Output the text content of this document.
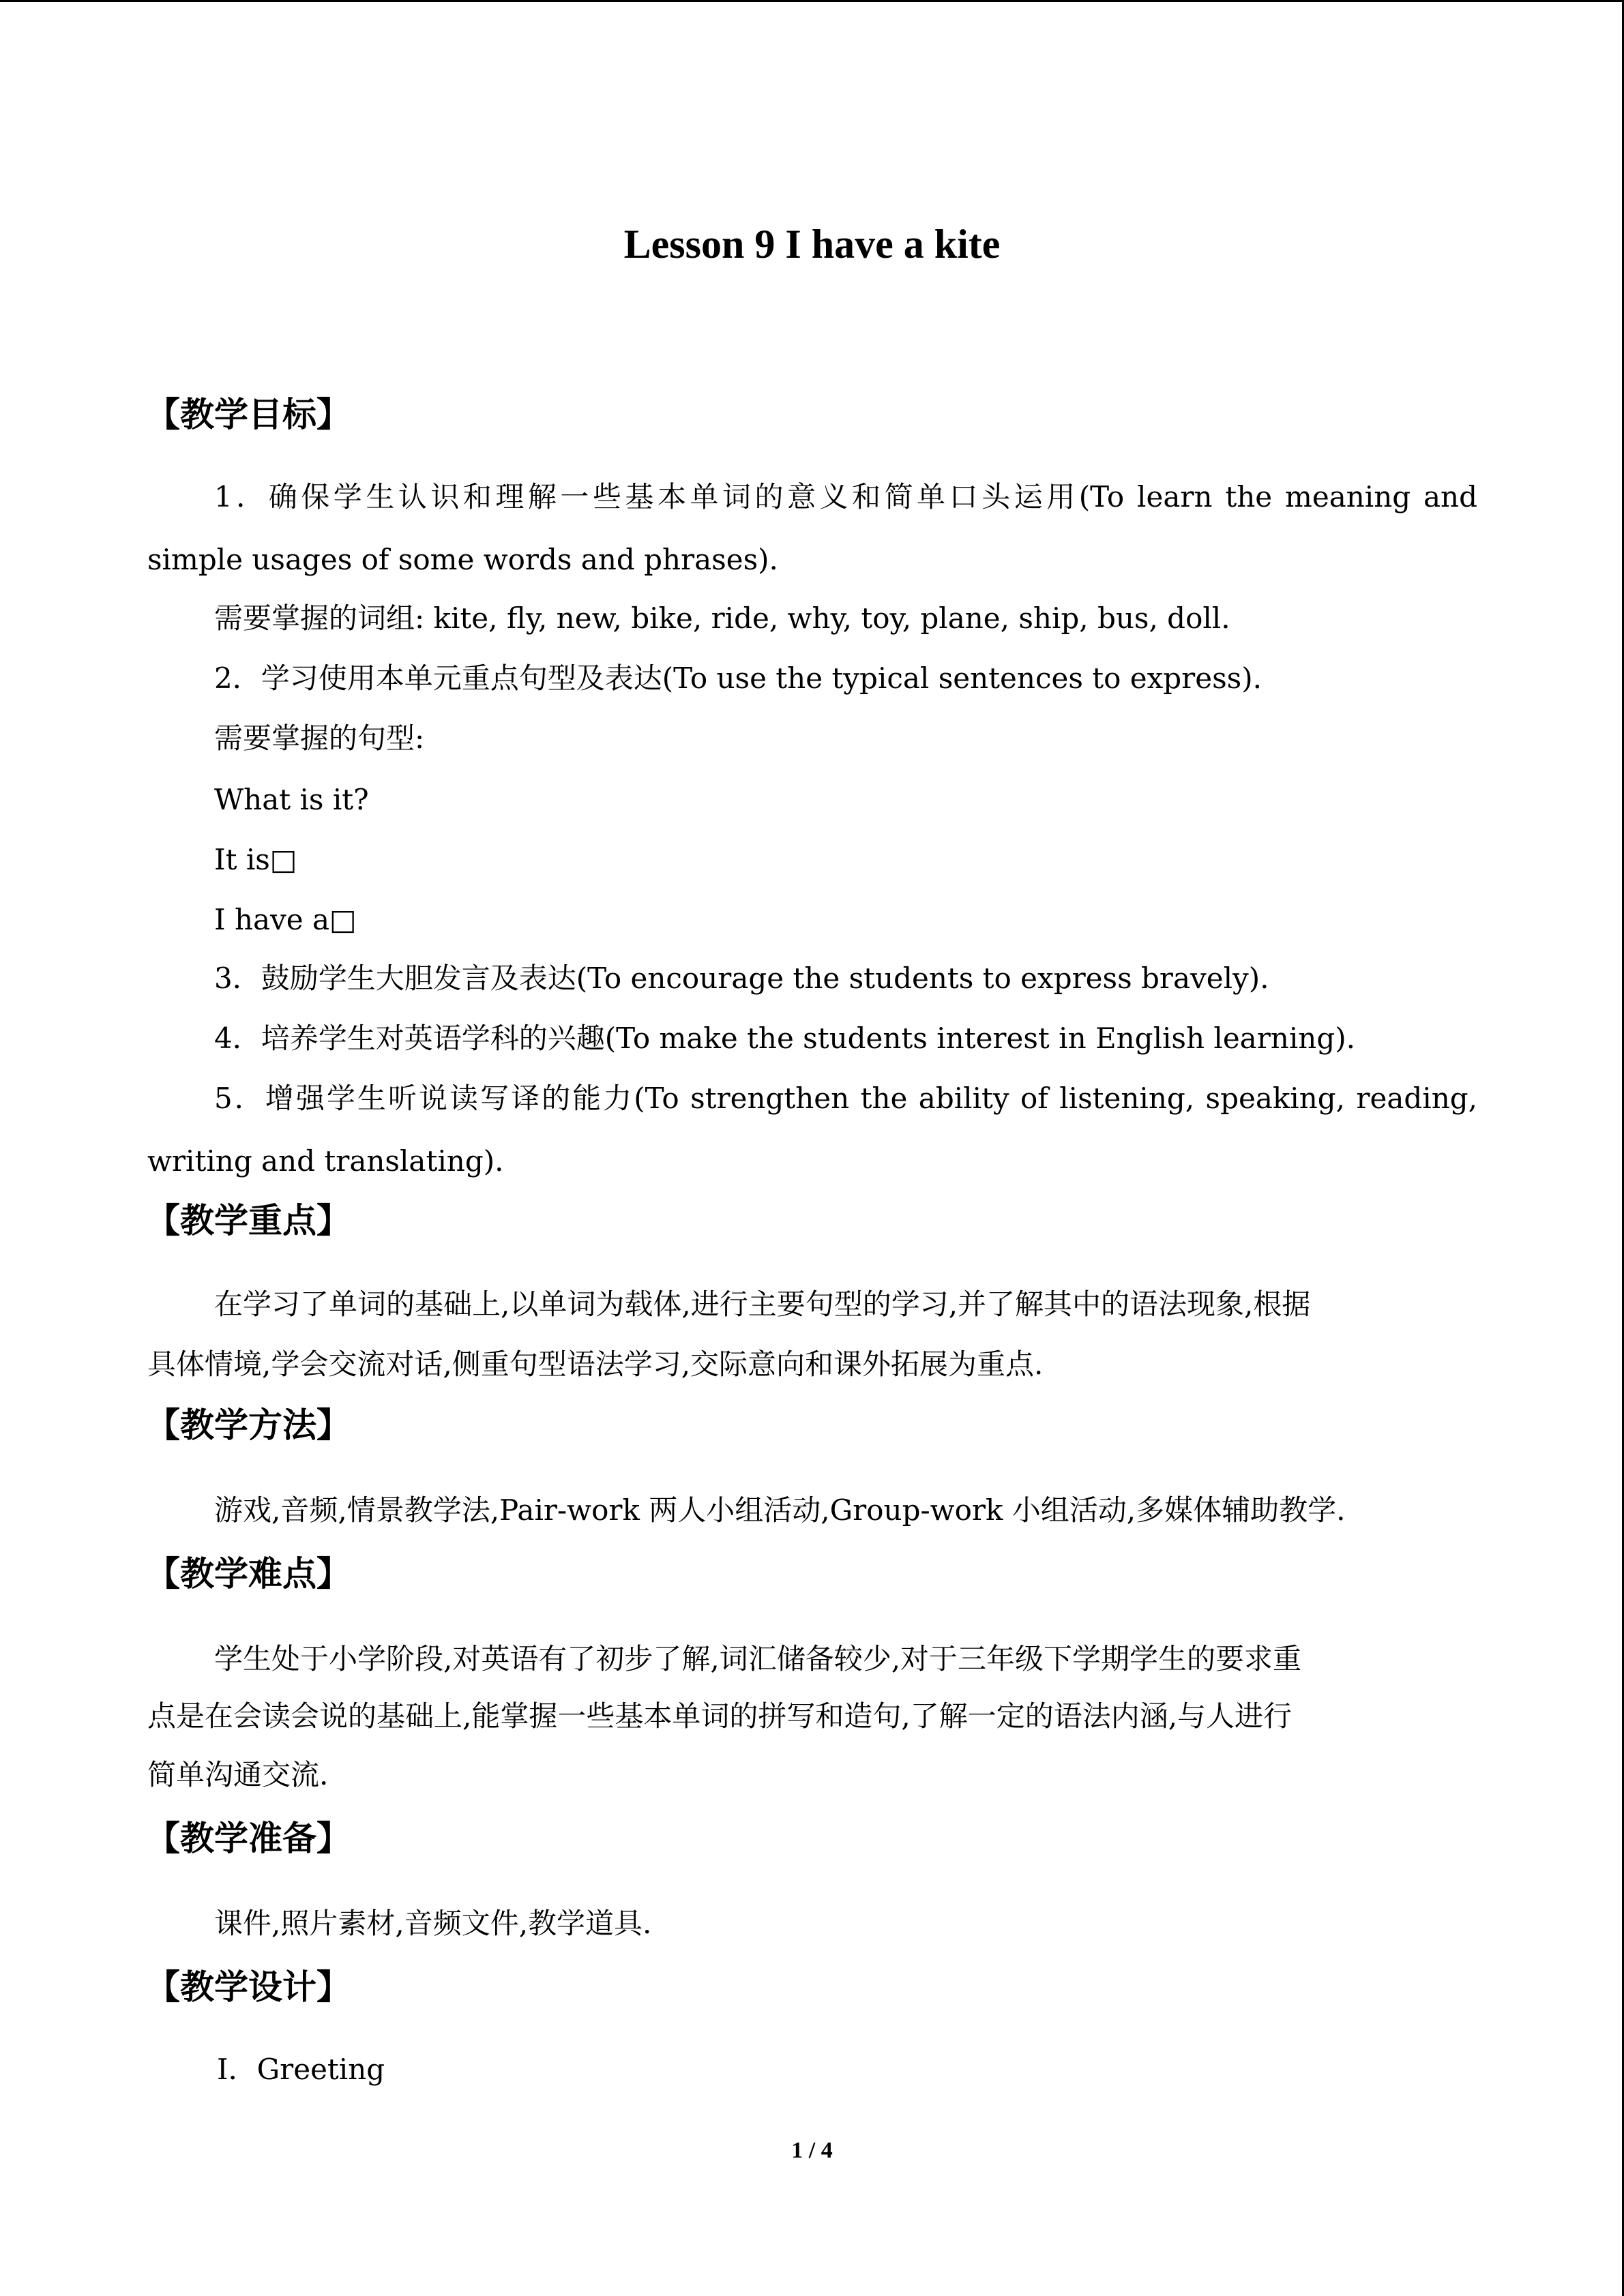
Lesson 9 I have a kite
【教学目标】
1．确保学生认识和理解一些基本单词的意义和简单口头运用(To learn the meaning and
simple usages of some words and phrases).
需要掌握的词组: kite, fly, new, bike, ride, why, toy, plane, ship, bus, doll.
2．学习使用本单元重点句型及表达(To use the typical sentences to express).
需要掌握的句型:
What is it?
It is□
I have a□
3．鼓励学生大胆发言及表达(To encourage the students to express bravely).
4．培养学生对英语学科的兴趣(To make the students interest in English learning).
5．增强学生听说读写译的能力(To strengthen the ability of listening, speaking, reading,
writing and translating).
【教学重点】
在学习了单词的基础上,以单词为载体,进行主要句型的学习,并了解其中的语法现象,根据
具体情境,学会交流对话,侧重句型语法学习,交际意向和课外拓展为重点.
【教学方法】
游戏,音频,情景教学法,Pair-work 两人小组活动,Group-work 小组活动,多媒体辅助教学.
【教学难点】
学生处于小学阶段,对英语有了初步了解,词汇储备较少,对于三年级下学期学生的要求重
点是在会读会说的基础上,能掌握一些基本单词的拼写和造句,了解一定的语法内涵,与人进行
简单沟通交流.
【教学准备】
课件,照片素材,音频文件,教学道具.
【教学设计】
Ⅰ．Greeting
1 / 4
